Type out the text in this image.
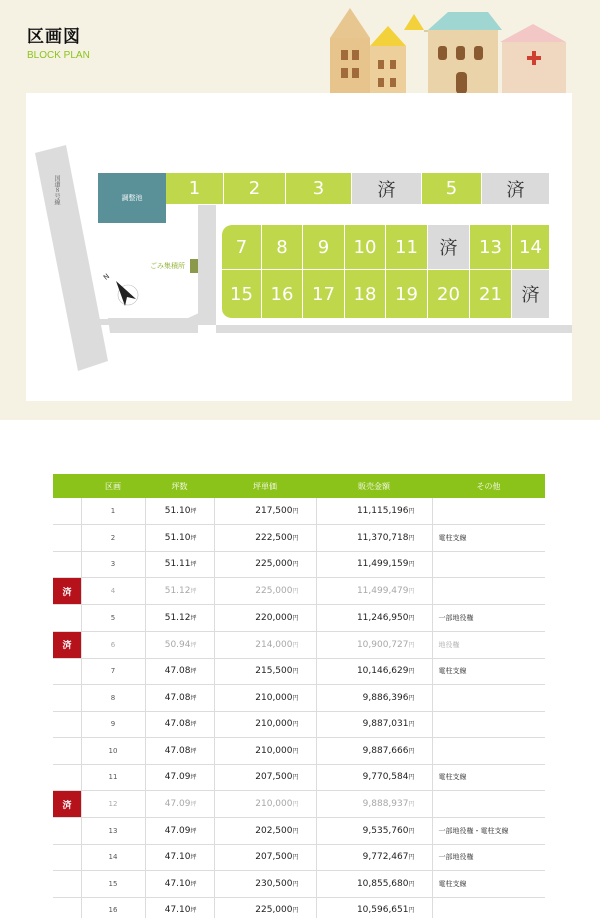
区画図
BLOCK PLAN
国道８号線	調整池	1	2	3	済	5	済
7	8	9	10	11	済	13 14
15 16	17	18	19	20	21	済
ごみ集積所
N
	区画	坪数	坪単価	販売金額	その他
	1	51.10坪	217,500円	11,115,196円	
	2	51.10坪	222,500円	11,370,718円	電柱支線
	3	51.11坪	225,000円	11,499,159円	

済	4	51.12坪	225,000円	11,499,479円	
	5	51.12坪	220,000円	11,246,950円	一部地役権

済	6	50.94坪	214,000円	10,900,727円	地役権
	7	47.08坪	215,500円	10,146,629円	電柱支線
	8	47.08坪	210,000円	9,886,396円	
	9	47.08坪	210,000円	9,887,031円	
	10	47.08坪	210,000円	9,887,666円	
	11	47.09坪	207,500円	9,770,584円	電柱支線

済	12	47.09坪	210,000円	9,888,937円	
	13	47.09坪	202,500円	9,535,760円	一部地役権・電柱支線
	14	47.10坪	207,500円	9,772,467円	一部地役権
	15	47.10坪	230,500円	10,855,680円	電柱支線
	16	47.10坪	225,000円	10,596,651円	
